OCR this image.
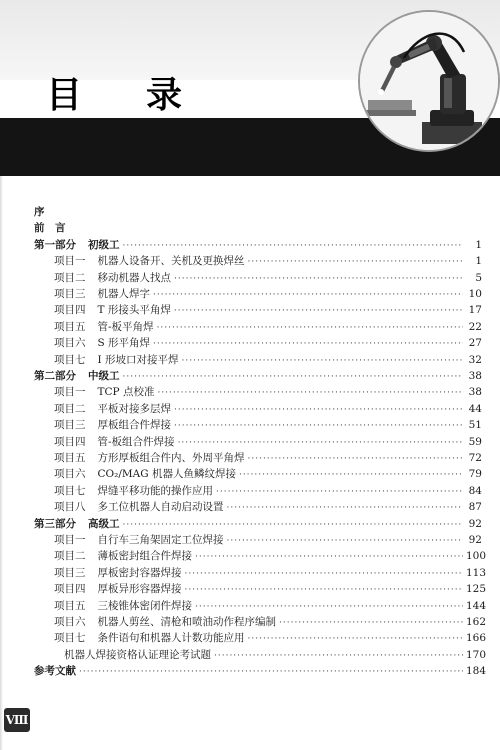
目　录
序
前　言
第一部分 初级工 ·····	1
项目一 机器人设备开、关机及更换焊丝 ·····	1
项目二 移动机器人找点 ·····	5
项目三 机器人焊字 ·····	10
项目四 T 形接头平角焊 ·····	17
项目五 管-板平角焊 ·····	22
项目六 S 形平角焊 ·····	27
项目七 I 形坡口对接平焊 ·····	32
第二部分 中级工 ·····	38
项目一 TCP 点校准 ·····	38
项目二 平板对接多层焊 ·····	44
项目三 厚板组合件焊接 ·····	51
项目四 管-板组合件焊接 ·····	59
项目五 方形厚板组合件内、外周平角焊 ·····	72
项目六 CO₂/MAG 机器人鱼鳞纹焊接 ·····	79
项目七 焊缝平移功能的操作应用 ·····	84
项目八 多工位机器人自动启动设置 ·····	87
第三部分 高级工 ·····	92
项目一 自行车三角架固定工位焊接 ·····	92
项目二 薄板密封组合件焊接 ·····	100
项目三 厚板密封容器焊接 ·····	113
项目四 厚板异形容器焊接 ·····	125
项目五 三棱锥体密闭件焊接 ·····	144
项目六 机器人剪丝、清枪和喷油动作程序编制 ·····	162
项目七 条件语句和机器人计数功能应用 ·····	166
机器人焊接资格认证理论考试题 ·····	170
参考文献 ·····	184
Ⅷ
